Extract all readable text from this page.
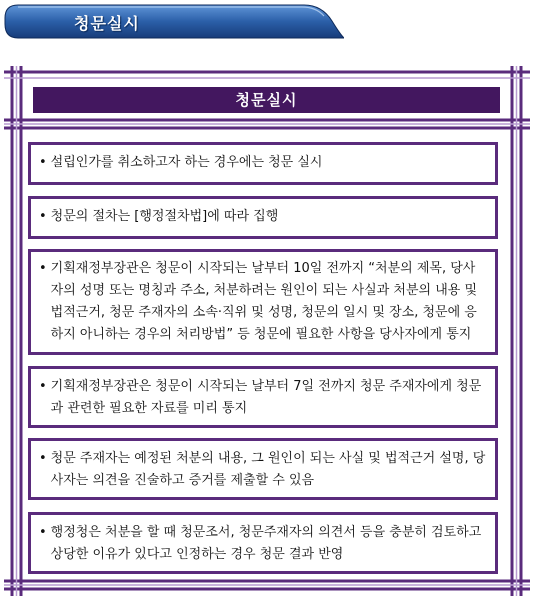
청문실시
청문실시
• 설립인가를 취소하고자 하는 경우에는 청문 실시
• 청문의 절차는 [행정절차법]에 따라 집행
• 기획재정부장관은 청문이 시작되는 날부터 10일 전까지 “처분의 제목, 당사자의 성명 또는 명칭과 주소, 처분하려는 원인이 되는 사실과 처분의 내용 및 법적근거, 청문 주재자의 소속·직위 및 성명, 청문의 일시 및 장소, 청문에 응하지 아니하는 경우의 처리방법” 등 청문에 필요한 사항을 당사자에게 통지
• 기획재정부장관은 청문이 시작되는 날부터 7일 전까지 청문 주재자에게 청문과 관련한 필요한 자료를 미리 통지
• 청문 주재자는 예정된 처분의 내용, 그 원인이 되는 사실 및 법적근거 설명, 당사자는 의견을 진술하고 증거를 제출할 수 있음
• 행정청은 처분을 할 때 청문조서, 청문주재자의 의견서 등을 충분히 검토하고 상당한 이유가 있다고 인정하는 경우 청문 결과 반영
